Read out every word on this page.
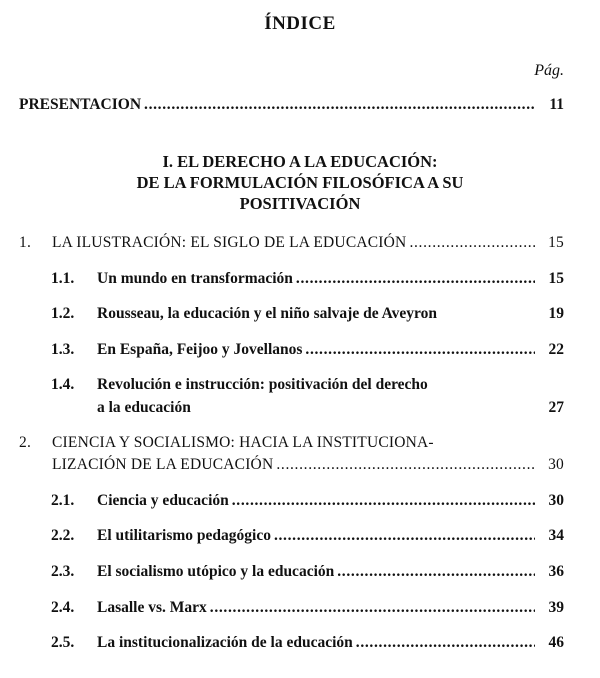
ÍNDICE
Pág.
PRESENTACION . . .	11
I. EL DERECHO A LA EDUCACIÓN:
DE LA FORMULACIÓN FILOSÓFICA A SU
POSITIVACIÓN
1.	LA ILUSTRACIÓN: EL SIGLO DE LA EDUCACIÓN . . .	15
1.1.	Un mundo en transformación . . .	15
1.2.	Rousseau, la educación y el niño salvaje de Aveyron	19
1.3.	En España, Feijoo y Jovellanos . . .	22
1.4.	Revolución e instrucción: positivación del derecho
a la educación	27
2.	CIENCIA Y SOCIALISMO: HACIA LA INSTITUCIONA-
LIZACIÓN DE LA EDUCACIÓN . . .	30
2.1.	Ciencia y educación . . .	30
2.2.	El utilitarismo pedagógico . . .	34
2.3.	El socialismo utópico y la educación . . .	36
2.4.	Lasalle vs. Marx . . .	39
2.5.	La institucionalización de la educación . . .	46
